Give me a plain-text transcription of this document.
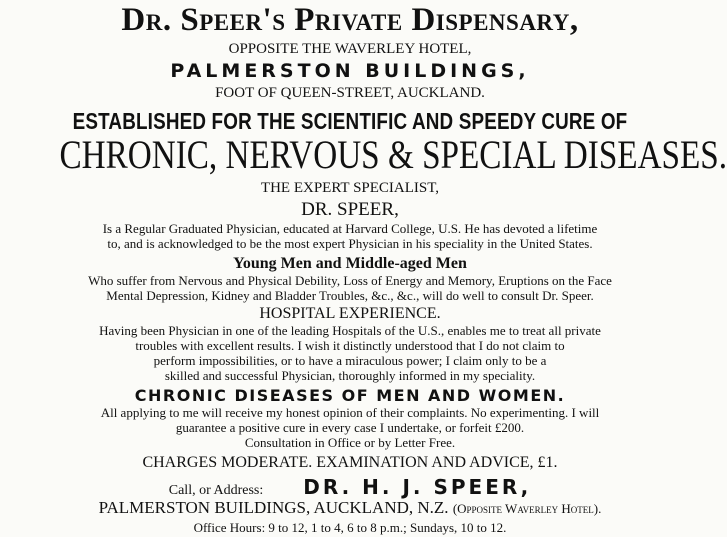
Dr. Speer's Private Dispensary,
OPPOSITE THE WAVERLEY HOTEL,
PALMERSTON BUILDINGS,
FOOT OF QUEEN-STREET, AUCKLAND.
ESTABLISHED FOR THE SCIENTIFIC AND SPEEDY CURE OF
CHRONIC, NERVOUS & SPECIAL DISEASES.
THE EXPERT SPECIALIST,
DR. SPEER,
Is a Regular Graduated Physician, educated at Harvard College, U.S. He has devoted a lifetime
to, and is acknowledged to be the most expert Physician in his speciality in the United States.
Young Men and Middle-aged Men
Who suffer from Nervous and Physical Debility, Loss of Energy and Memory, Eruptions on the Face
Mental Depression, Kidney and Bladder Troubles, &c., &c., will do well to consult Dr. Speer.
HOSPITAL EXPERIENCE.
Having been Physician in one of the leading Hospitals of the U.S., enables me to treat all private
troubles with excellent results. I wish it distinctly understood that I do not claim to
perform impossibilities, or to have a miraculous power; I claim only to be a
skilled and successful Physician, thoroughly informed in my speciality.
CHRONIC DISEASES OF MEN AND WOMEN.
All applying to me will receive my honest opinion of their complaints. No experimenting. I will
guarantee a positive cure in every case I undertake, or forfeit £200.
Consultation in Office or by Letter Free.
CHARGES MODERATE. EXAMINATION AND ADVICE, £1.
Call, or Address: DR. H. J. SPEER,
PALMERSTON BUILDINGS, AUCKLAND, N.Z. (Opposite Waverley Hotel).
Office Hours: 9 to 12, 1 to 4, 6 to 8 p.m.; Sundays, 10 to 12.
